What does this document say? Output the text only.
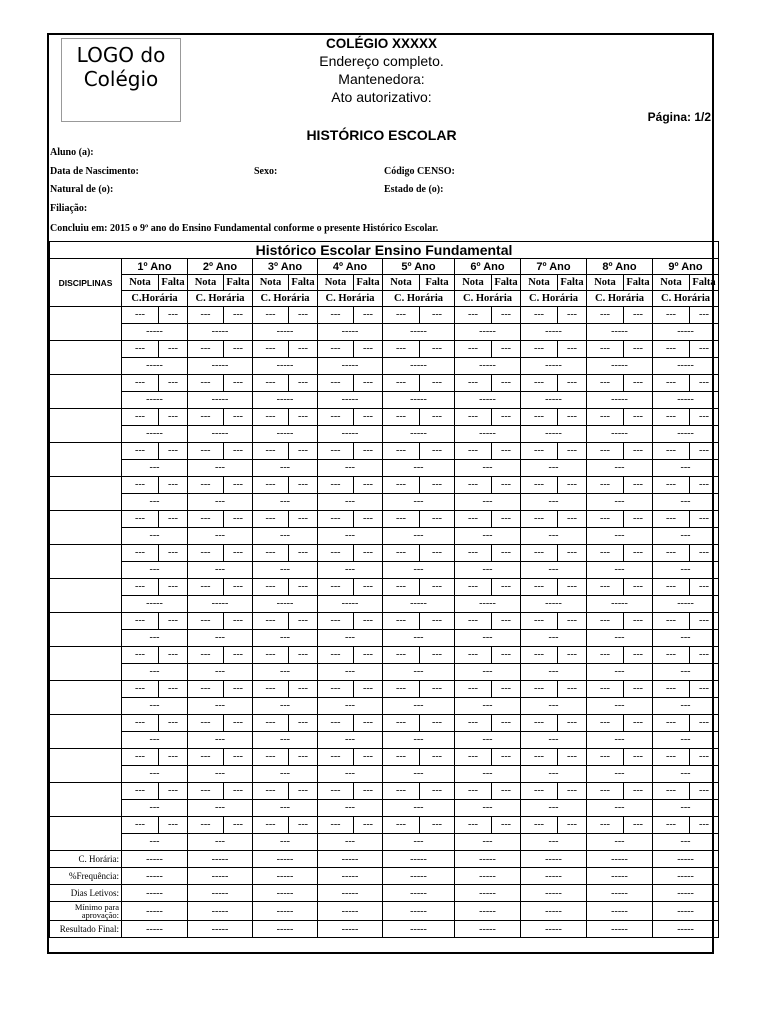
LOGO do
Colégio
COLÉGIO XXXXX
Endereço completo.
Mantenedora:
Ato autorizativo:
Página: 1/2
HISTÓRICO ESCOLAR
Aluno (a):
Data de Nascimento:	Sexo:	Código CENSO:
Natural de (o):	Estado de (o):
Filiação:
Concluiu em: 2015 o 9º ano do Ensino Fundamental conforme o presente Histórico Escolar.
Histórico Escolar Ensino Fundamental																		
DISCIPLINAS	1º Ano		2º Ano		3º Ano		4º Ano		5º Ano		6º Ano		7º Ano		8º Ano		9º Ano	
	Nota	Falta	Nota	Falta	Nota	Falta	Nota	Falta	Nota	Falta	Nota	Falta	Nota	Falta	Nota	Falta	Nota	Falta
	C.Horária		C. Horária		C. Horária		C. Horária		C. Horária		C. Horária		C. Horária		C. Horária		C. Horária	
	---	---	---	---	---	---	---	---	---	---	---	---	---	---	---	---	---	---
	-----		-----		-----		-----		-----		-----		-----		-----		-----	
	---	---	---	---	---	---	---	---	---	---	---	---	---	---	---	---	---	---
	-----		-----		-----		-----		-----		-----		-----		-----		-----	
	---	---	---	---	---	---	---	---	---	---	---	---	---	---	---	---	---	---
	-----		-----		-----		-----		-----		-----		-----		-----		-----	
	---	---	---	---	---	---	---	---	---	---	---	---	---	---	---	---	---	---
	-----		-----		-----		-----		-----		-----		-----		-----		-----	
	---	---	---	---	---	---	---	---	---	---	---	---	---	---	---	---	---	---
	---		---		---		---		---		---		---		---		---	
	---	---	---	---	---	---	---	---	---	---	---	---	---	---	---	---	---	---
	---		---		---		---		---		---		---		---		---	
	---	---	---	---	---	---	---	---	---	---	---	---	---	---	---	---	---	---
	---		---		---		---		---		---		---		---		---	
	---	---	---	---	---	---	---	---	---	---	---	---	---	---	---	---	---	---
	---		---		---		---		---		---		---		---		---	
	---	---	---	---	---	---	---	---	---	---	---	---	---	---	---	---	---	---
	-----		-----		-----		-----		-----		-----		-----		-----		-----	
	---	---	---	---	---	---	---	---	---	---	---	---	---	---	---	---	---	---
	---		---		---		---		---		---		---		---		---	
	---	---	---	---	---	---	---	---	---	---	---	---	---	---	---	---	---	---
	---		---		---		---		---		---		---		---		---	
	---	---	---	---	---	---	---	---	---	---	---	---	---	---	---	---	---	---
	---		---		---		---		---		---		---		---		---	
	---	---	---	---	---	---	---	---	---	---	---	---	---	---	---	---	---	---
	---		---		---		---		---		---		---		---		---	
	---	---	---	---	---	---	---	---	---	---	---	---	---	---	---	---	---	---
	---		---		---		---		---		---		---		---		---	
	---	---	---	---	---	---	---	---	---	---	---	---	---	---	---	---	---	---
	---		---		---		---		---		---		---		---		---	
	---	---	---	---	---	---	---	---	---	---	---	---	---	---	---	---	---	---
	---		---		---		---		---		---		---		---		---	
C. Horária:	-----		-----		-----		-----		-----		-----		-----		-----		-----	
%Frequência:	-----		-----		-----		-----		-----		-----		-----		-----		-----	
Dias Letivos:	-----		-----		-----		-----		-----		-----		-----		-----		-----	
Mínimo para aprovação:	-----		-----		-----		-----		-----		-----		-----		-----		-----	
Resultado Final:	-----		-----		-----		-----		-----		-----		-----		-----		-----	
